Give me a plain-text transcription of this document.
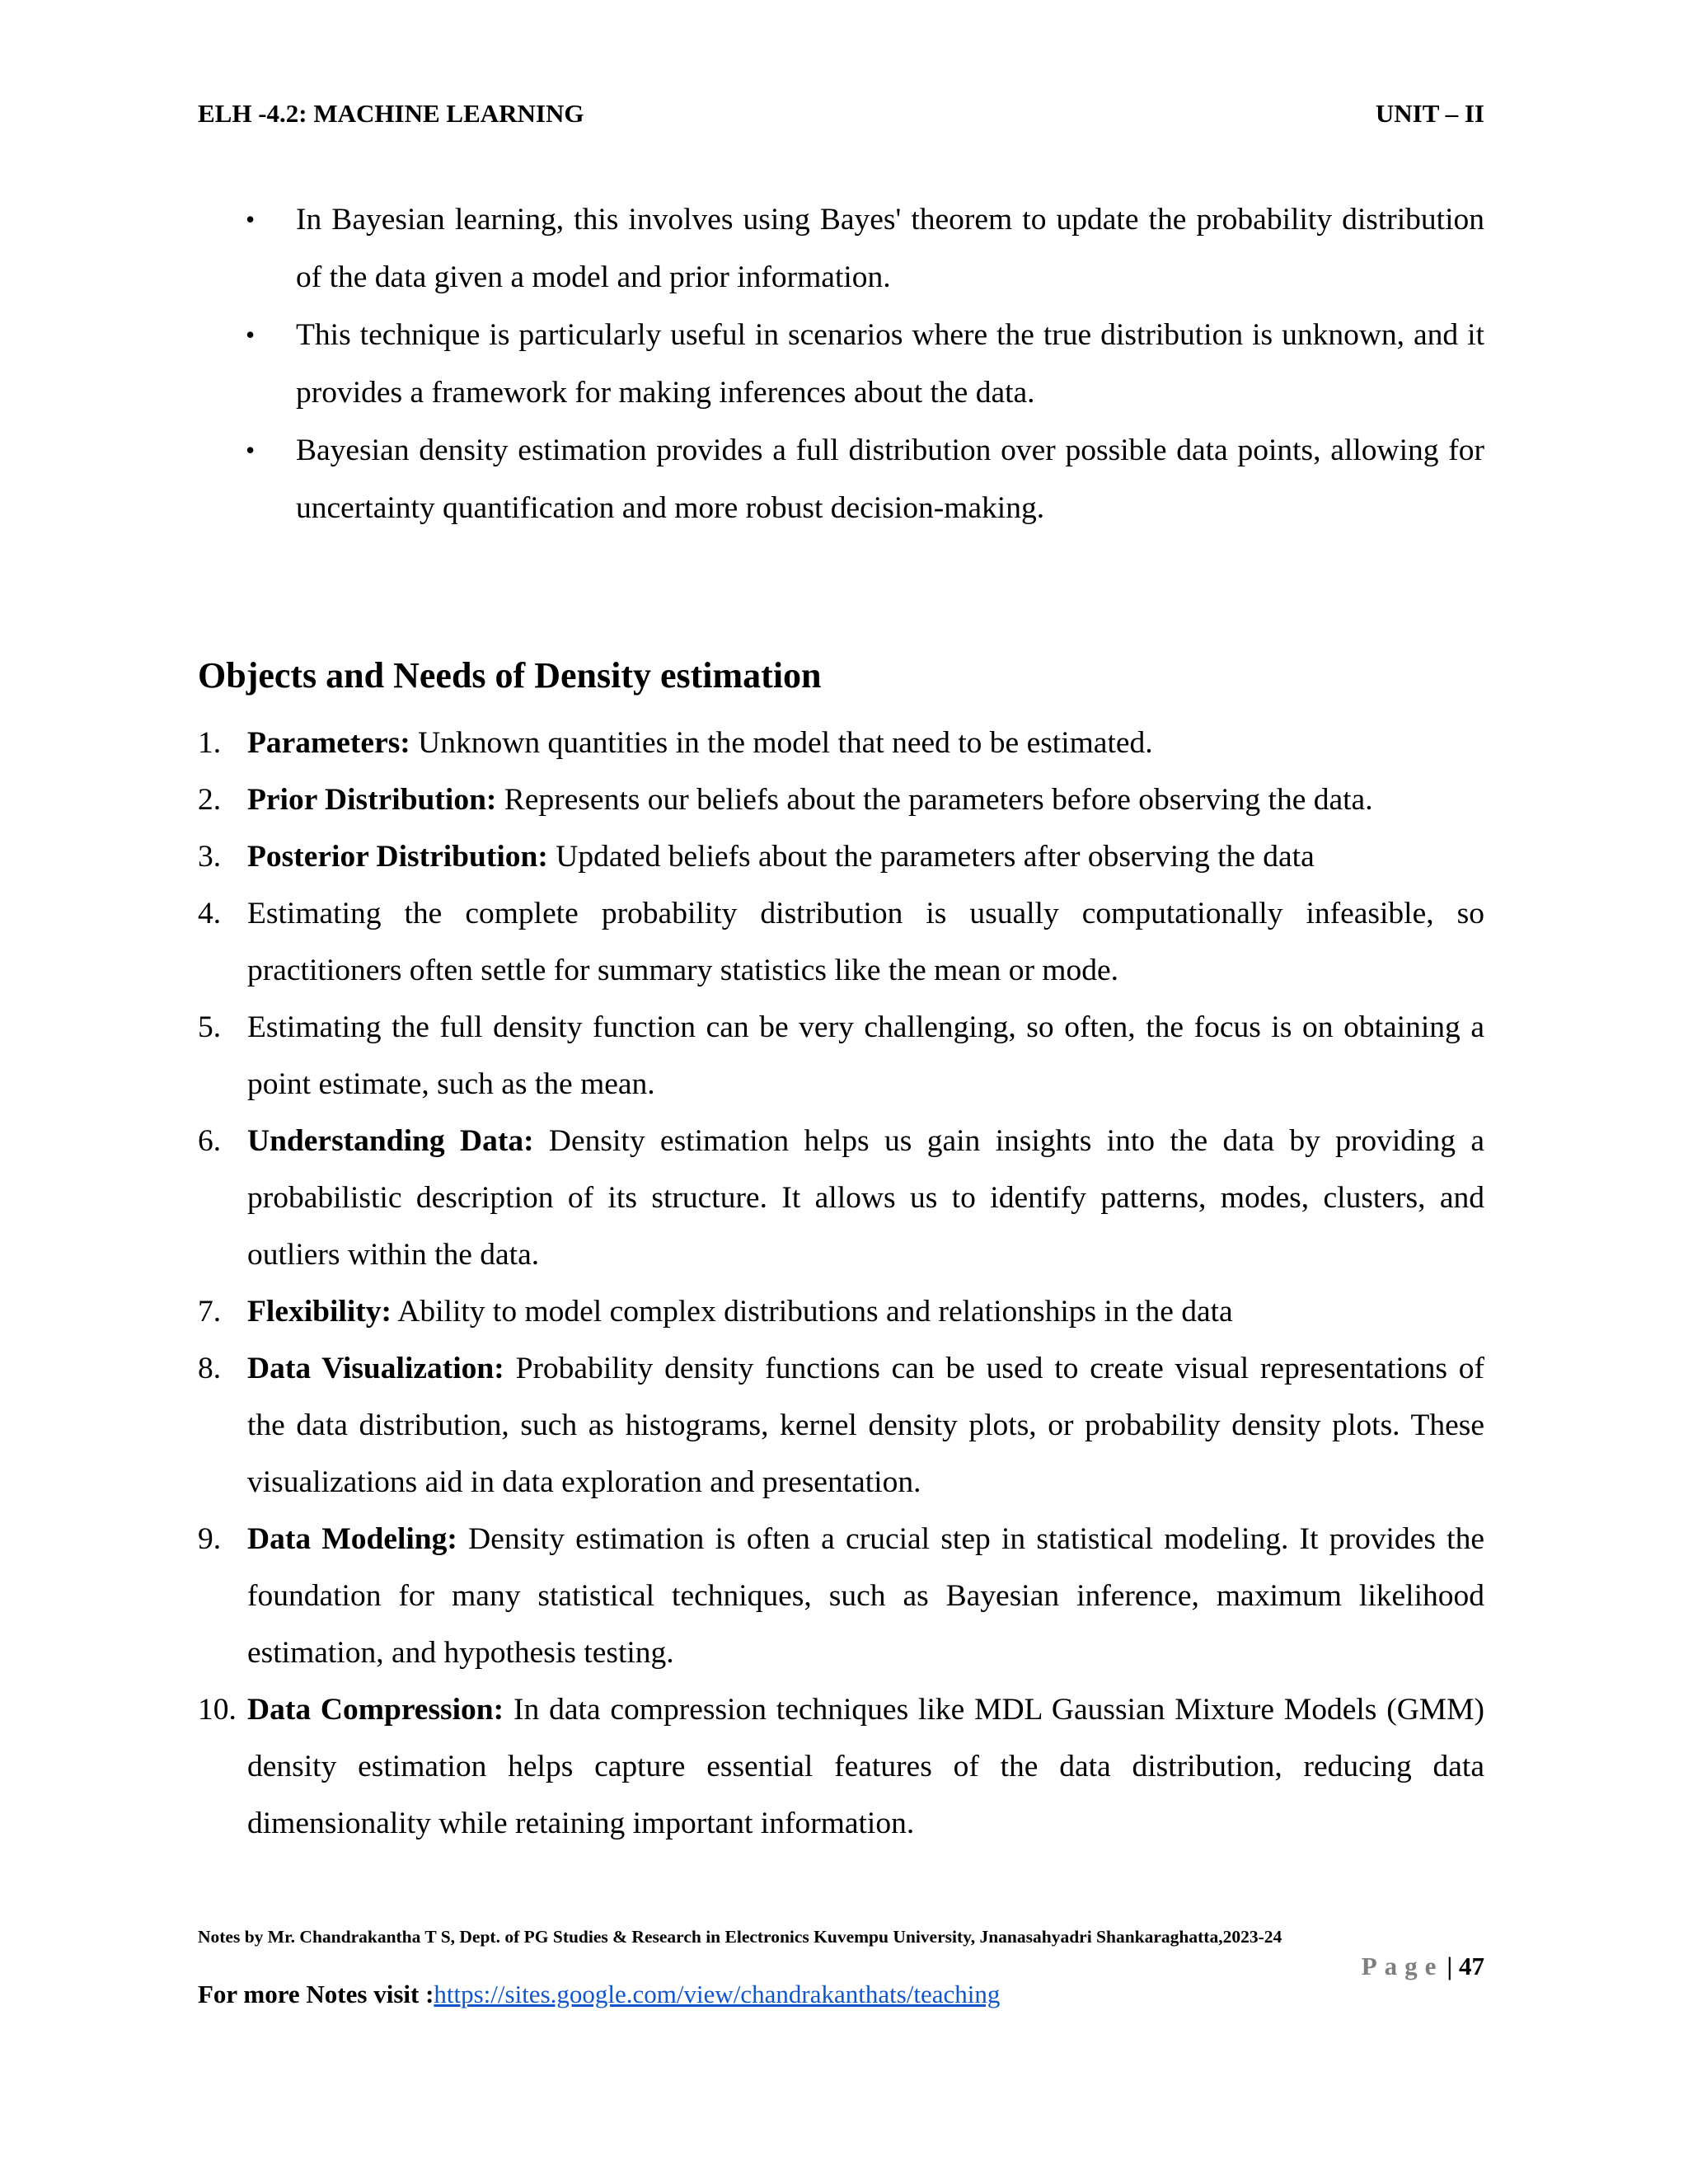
ELH -4.2: MACHINE LEARNING	UNIT – II
• In Bayesian learning, this involves using Bayes' theorem to update the probability distribution of the data given a model and prior information.
• This technique is particularly useful in scenarios where the true distribution is unknown, and it provides a framework for making inferences about the data.
• Bayesian density estimation provides a full distribution over possible data points, allowing for uncertainty quantification and more robust decision-making.
Objects and Needs of Density estimation
1. Parameters: Unknown quantities in the model that need to be estimated.
2. Prior Distribution: Represents our beliefs about the parameters before observing the data.
3. Posterior Distribution: Updated beliefs about the parameters after observing the data
4. Estimating the complete probability distribution is usually computationally infeasible, so practitioners often settle for summary statistics like the mean or mode.
5. Estimating the full density function can be very challenging, so often, the focus is on obtaining a point estimate, such as the mean.
6. Understanding Data: Density estimation helps us gain insights into the data by providing a probabilistic description of its structure. It allows us to identify patterns, modes, clusters, and outliers within the data.
7. Flexibility: Ability to model complex distributions and relationships in the data
8. Data Visualization: Probability density functions can be used to create visual representations of the data distribution, such as histograms, kernel density plots, or probability density plots. These visualizations aid in data exploration and presentation.
9. Data Modeling: Density estimation is often a crucial step in statistical modeling. It provides the foundation for many statistical techniques, such as Bayesian inference, maximum likelihood estimation, and hypothesis testing.
10. Data Compression: In data compression techniques like MDL Gaussian Mixture Models (GMM) density estimation helps capture essential features of the data distribution, reducing data dimensionality while retaining important information.
Notes by Mr. Chandrakantha T S, Dept. of PG Studies & Research in Electronics Kuvempu University, Jnanasahyadri Shankaraghatta,2023-24
Page | 47
For more Notes visit :https://sites.google.com/view/chandrakanthats/teaching
